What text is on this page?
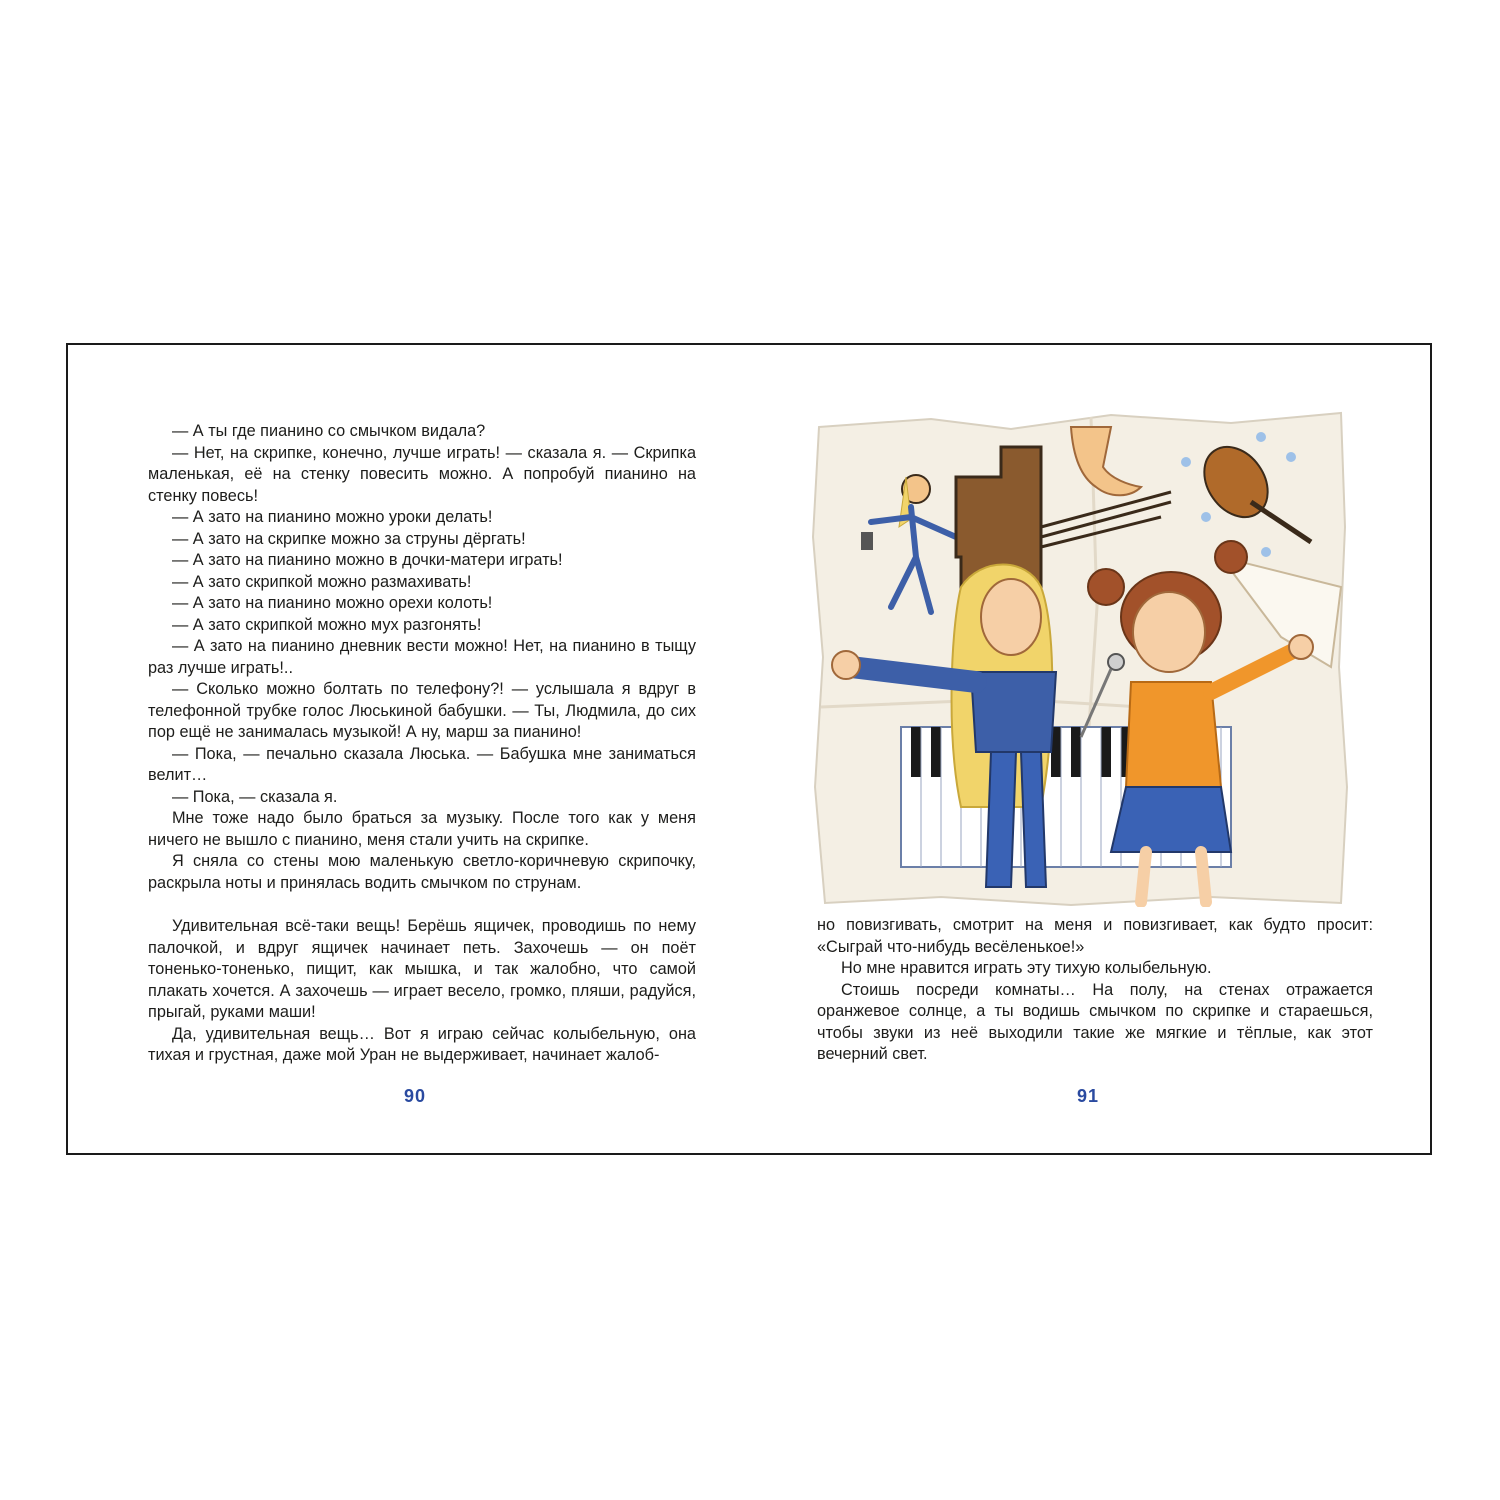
— А ты где пианино со смычком видала?

— Нет, на скрипке, конечно, лучше играть! — сказала я. — Скрипка маленькая, её на стенку повесить можно. А попробуй пианино на стенку повесь!

— А зато на пианино можно уроки делать!

— А зато на скрипке можно за струны дёргать!

— А зато на пианино можно в дочки-матери играть!

— А зато скрипкой можно размахивать!

— А зато на пианино можно орехи колоть!

— А зато скрипкой можно мух разгонять!

— А зато на пианино дневник вести можно! Нет, на пианино в тыщу раз лучше играть!..

— Сколько можно болтать по телефону?! — услышала я вдруг в телефонной трубке голос Люськиной бабушки. — Ты, Людмила, до сих пор ещё не занималась музыкой! А ну, марш за пианино!

— Пока, — печально сказала Люська. — Бабушка мне заниматься велит…

— Пока, — сказала я.

Мне тоже надо было браться за музыку. После того как у меня ничего не вышло с пианино, меня стали учить на скрипке.

Я сняла со стены мою маленькую светло-коричневую скрипочку, раскрыла ноты и принялась водить смычком по струнам.

Удивительная всё-таки вещь! Берёшь ящичек, проводишь по нему палочкой, и вдруг ящичек начинает петь. Захочешь — он поёт тоненько-тоненько, пищит, как мышка, и так жалобно, что самой плакать хочется. А захочешь — играет весело, громко, пляши, радуйся, прыгай, руками маши!

Да, удивительная вещь… Вот я играю сейчас колыбельную, она тихая и грустная, даже мой Уран не выдерживает, начинает жалоб-

90

но повизгивать, смотрит на меня и повизгивает, как будто просит: «Сыграй что-нибудь весёленькое!»

Но мне нравится играть эту тихую колыбельную.

Стоишь посреди комнаты… На полу, на стенах отражается оранжевое солнце, а ты водишь смычком по скрипке и стараешься, чтобы звуки из неё выходили такие же мягкие и тёплые, как этот вечерний свет.

91
